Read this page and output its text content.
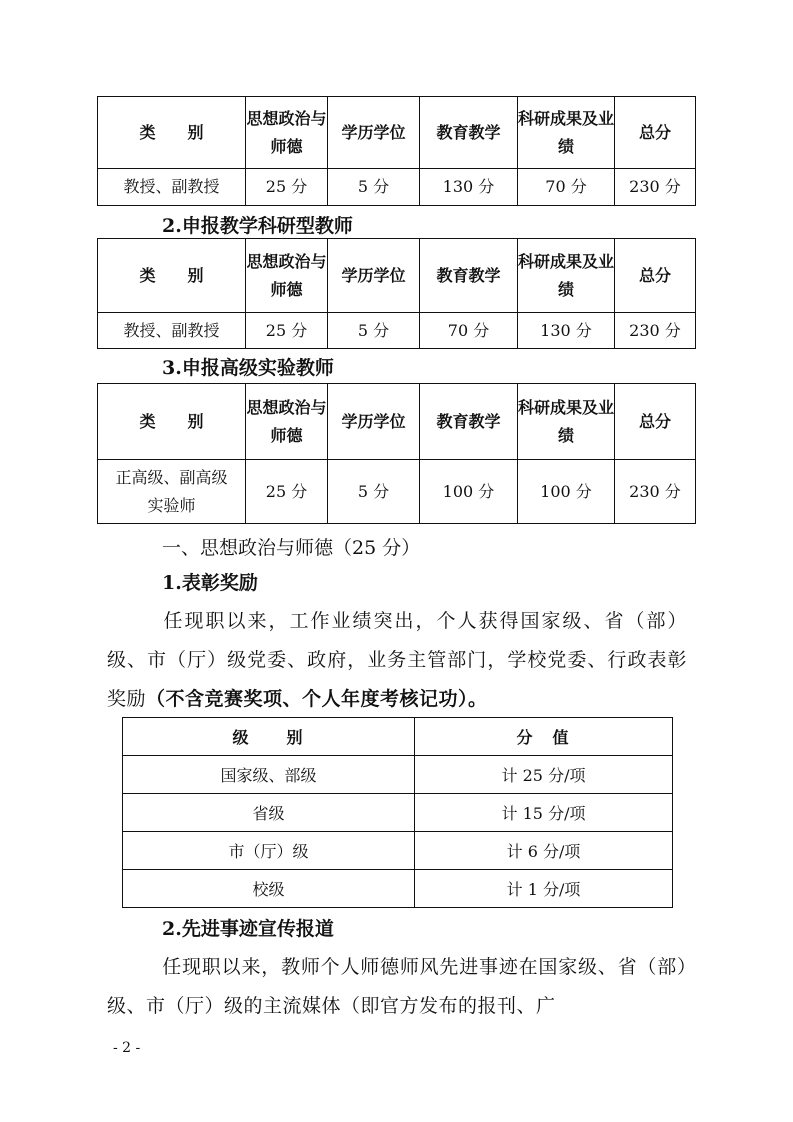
类　　别	思想政治与师德	学历学位	教育教学	科研成果及业绩	总分
教授、副教授	25 分	5 分	130 分	70 分	230 分
2.申报教学科研型教师
类　　别	思想政治与师德	学历学位	教育教学	科研成果及业绩	总分
教授、副教授	25 分	5 分	70 分	130 分	230 分
3.申报高级实验教师
类　　别	思想政治与师德	学历学位	教育教学	科研成果及业绩	总分
正高级、副高级实验师	25 分	5 分	100 分	100 分	230 分
一、思想政治与师德（25 分）
1.表彰奖励
任现职以来，工作业绩突出，个人获得国家级、省（部）级、市（厅）级党委、政府，业务主管部门，学校党委、行政表彰奖励（不含竞赛奖项、个人年度考核记功）。
级　　别	分　值
国家级、部级	计 25 分/项
省级	计 15 分/项
市（厅）级	计 6 分/项
校级	计 1 分/项
2.先进事迹宣传报道
任现职以来，教师个人师德师风先进事迹在国家级、省（部）级、市（厅）级的主流媒体（即官方发布的报刊、广
- 2 -
